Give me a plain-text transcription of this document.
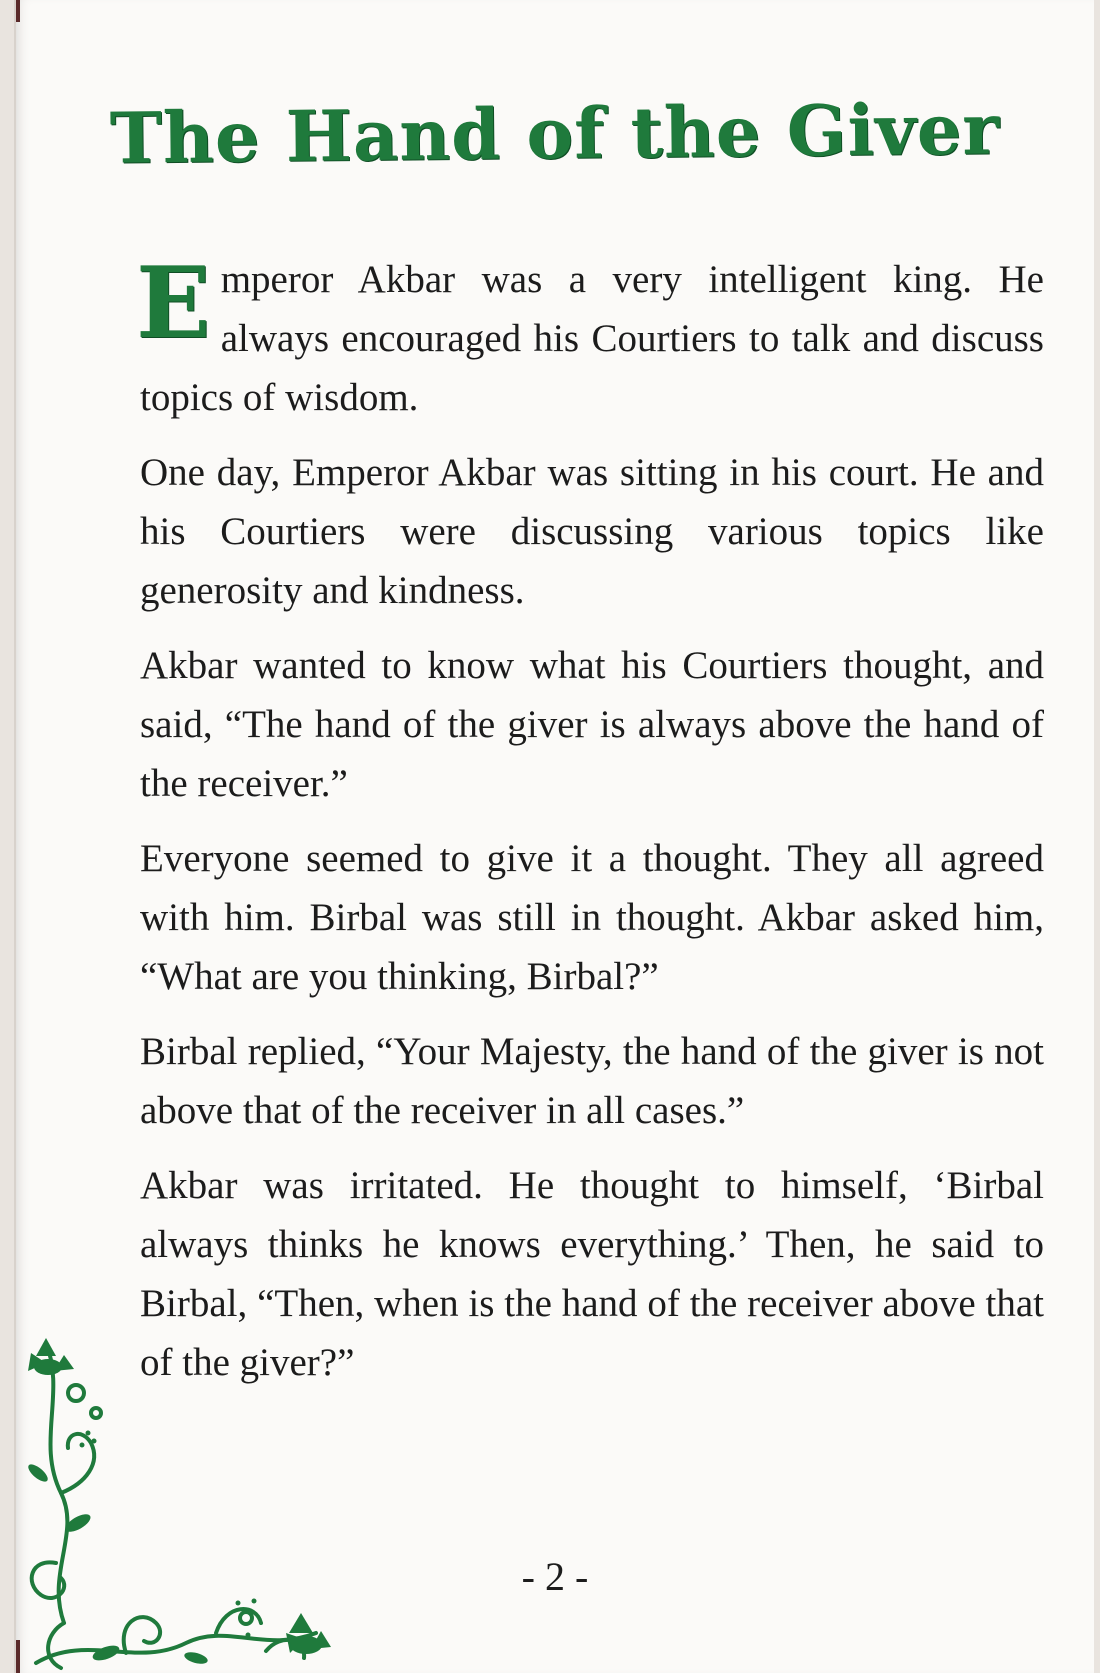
The Hand of the Giver

Emperor Akbar was a very intelligent king. He always encouraged his Courtiers to talk and discuss topics of wisdom.

One day, Emperor Akbar was sitting in his court. He and his Courtiers were discussing various topics like generosity and kindness.

Akbar wanted to know what his Courtiers thought, and said, “The hand of the giver is always above the hand of the receiver.”

Everyone seemed to give it a thought. They all agreed with him. Birbal was still in thought. Akbar asked him, “What are you thinking, Birbal?”

Birbal replied, “Your Majesty, the hand of the giver is not above that of the receiver in all cases.”

Akbar was irritated. He thought to himself, ‘Birbal always thinks he knows everything.’ Then, he said to Birbal, “Then, when is the hand of the receiver above that of the giver?”

- 2 -
